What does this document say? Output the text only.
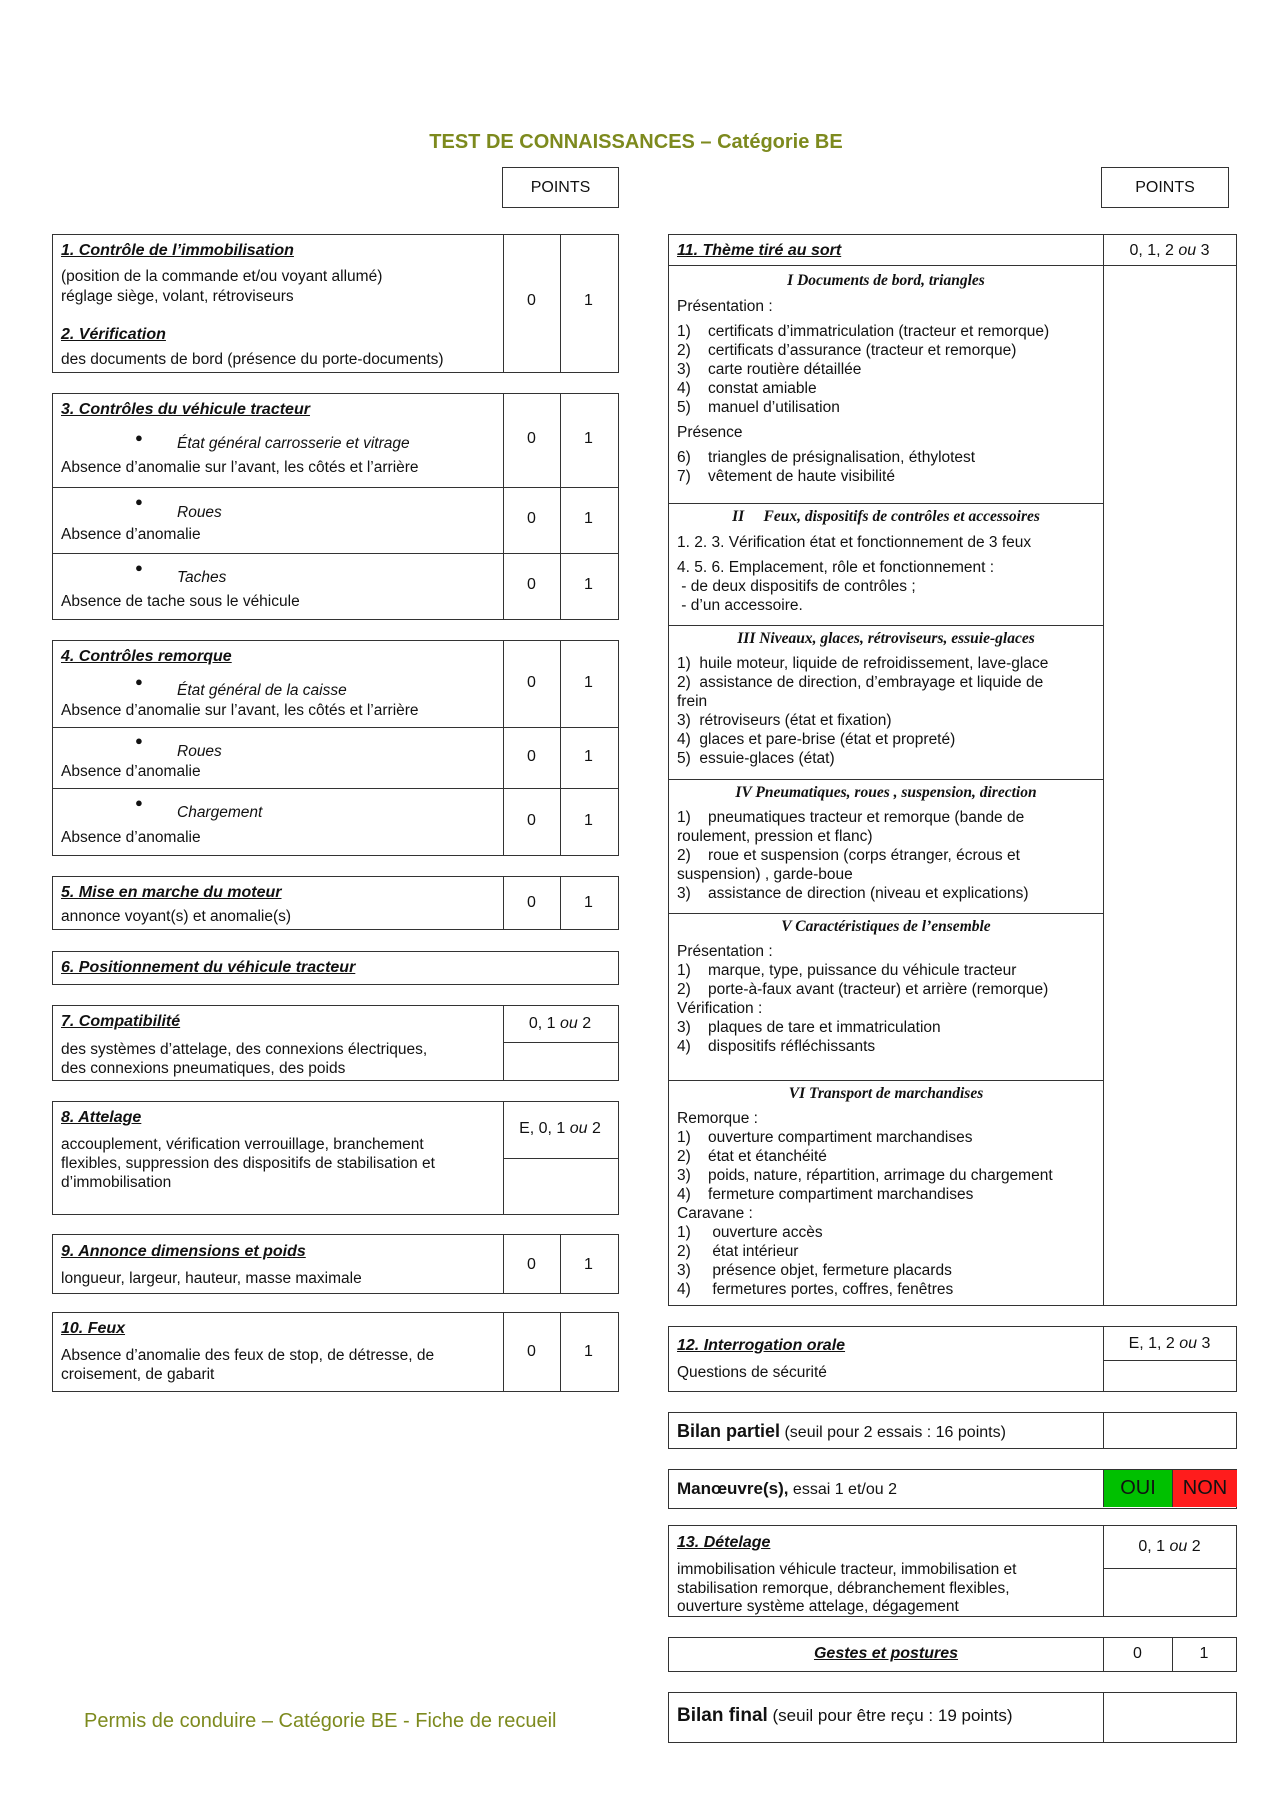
TEST DE CONNAISSANCES – Catégorie BE
POINTS	POINTS
1. Contrôle de l’immobilisation
(position de la commande et/ou voyant allumé)
réglage siège, volant, rétroviseurs
2. Vérification
des documents de bord (présence du porte-documents)
0	1
3. Contrôles du véhicule tracteur
● État général carrosserie et vitrage
Absence d’anomalie sur l’avant, les côtés et l’arrière
0	1
●
Roues
Absence d’anomalie
0	1
●
Taches
Absence de tache sous le véhicule
0	1
4. Contrôles remorque
●
État général de la caisse
Absence d’anomalie sur l’avant, les côtés et l’arrière
0	1
●
Roues
Absence d’anomalie
0	1
●
Chargement
Absence d’anomalie
0	1
5. Mise en marche du moteur
annonce voyant(s) et anomalie(s)
0	1
6. Positionnement du véhicule tracteur
7. Compatibilité
des systèmes d’attelage, des connexions électriques,
des connexions pneumatiques, des poids
0, 1 ou 2
8. Attelage
accouplement, vérification verrouillage, branchement
flexibles, suppression des dispositifs de stabilisation et
d’immobilisation
E, 0, 1 ou 2
9. Annonce dimensions et poids
longueur, largeur, hauteur, masse maximale
0	1
10. Feux
Absence d’anomalie des feux de stop, de détresse, de
croisement, de gabarit
0	1
11. Thème tiré au sort	0, 1, 2 ou 3
I Documents de bord, triangles
Présentation :
1)    certificats d’immatriculation (tracteur et remorque)
2)    certificats d’assurance (tracteur et remorque)
3)    carte routière détaillée
4)    constat amiable
5)    manuel d’utilisation
Présence
6)    triangles de présignalisation, éthylotest
7)    vêtement de haute visibilité
II     Feux, dispositifs de contrôles et accessoires
1. 2. 3. Vérification état et fonctionnement de 3 feux
4. 5. 6. Emplacement, rôle et fonctionnement :
- de deux dispositifs de contrôles ;
- d’un accessoire.
III Niveaux, glaces, rétroviseurs, essuie-glaces
1)  huile moteur, liquide de refroidissement, lave-glace
2)  assistance de direction, d’embrayage et liquide de
frein
3)  rétroviseurs (état et fixation)
4)  glaces et pare-brise (état et propreté)
5)  essuie-glaces (état)
IV Pneumatiques, roues , suspension, direction
1)    pneumatiques tracteur et remorque (bande de
roulement, pression et flanc)
2)    roue et suspension (corps étranger, écrous et
suspension) , garde-boue
3)    assistance de direction (niveau et explications)
V Caractéristiques de l’ensemble
Présentation :
1)    marque, type, puissance du véhicule tracteur
2)    porte-à-faux avant (tracteur) et arrière (remorque)
Vérification :
3)    plaques de tare et immatriculation
4)    dispositifs réfléchissants
VI Transport de marchandises
Remorque :
1)    ouverture compartiment marchandises
2)    état et étanchéité
3)    poids, nature, répartition, arrimage du chargement
4)    fermeture compartiment marchandises
Caravane :
1)     ouverture accès
2)     état intérieur
3)     présence objet, fermeture placards
4)     fermetures portes, coffres, fenêtres
12. Interrogation orale
Questions de sécurité
E, 1, 2 ou 3
Bilan partiel (seuil pour 2 essais : 16 points)
Manœuvre(s), essai 1 et/ou 2	OUI	NON
13. Dételage
immobilisation véhicule tracteur, immobilisation et
stabilisation remorque, débranchement flexibles,
ouverture système attelage, dégagement
0, 1 ou 2
Gestes et postures	0	1
Bilan final (seuil pour être reçu : 19 points)
Permis de conduire – Catégorie BE - Fiche de recueil
